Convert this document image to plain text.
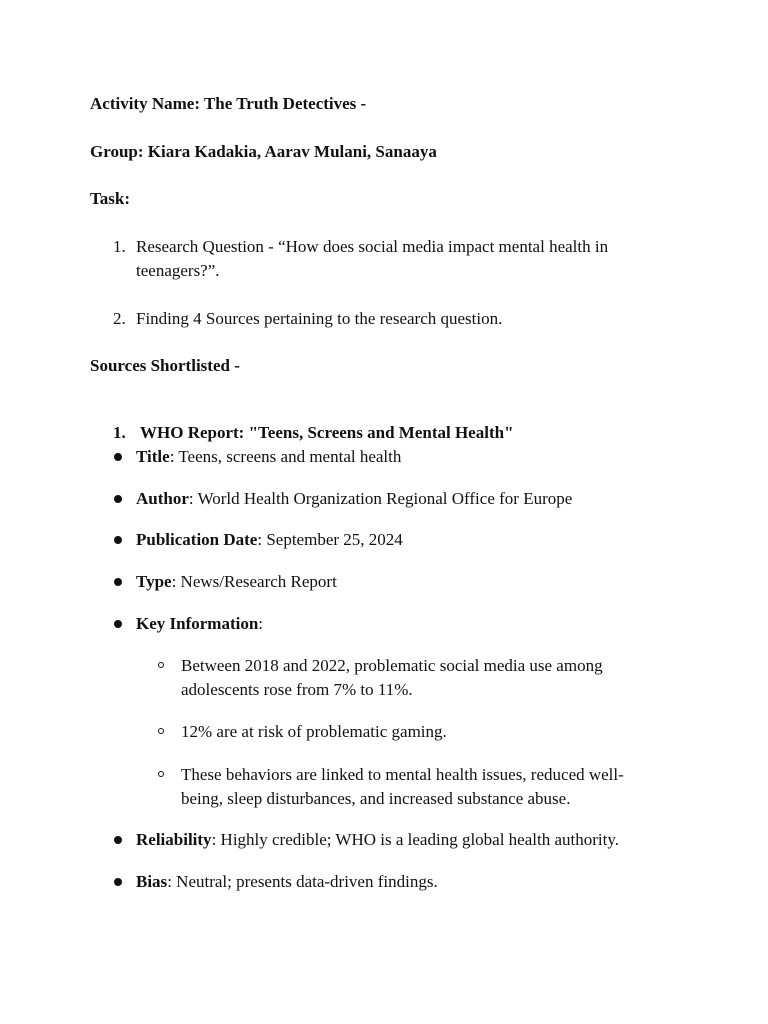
Activity Name: The Truth Detectives -
Group: Kiara Kadakia, Aarav Mulani, Sanaaya
Task:
1. Research Question - “How does social media impact mental health in
teenagers?”.
2. Finding 4 Sources pertaining to the research question.
Sources Shortlisted -
1. WHO Report: "Teens, Screens and Mental Health"
Title: Teens, screens and mental health
Author: World Health Organization Regional Office for Europe
Publication Date: September 25, 2024
Type: News/Research Report
Key Information:
Between 2018 and 2022, problematic social media use among
adolescents rose from 7% to 11%.
12% are at risk of problematic gaming.
These behaviors are linked to mental health issues, reduced well-
being, sleep disturbances, and increased substance abuse.
Reliability: Highly credible; WHO is a leading global health authority.
Bias: Neutral; presents data-driven findings.
